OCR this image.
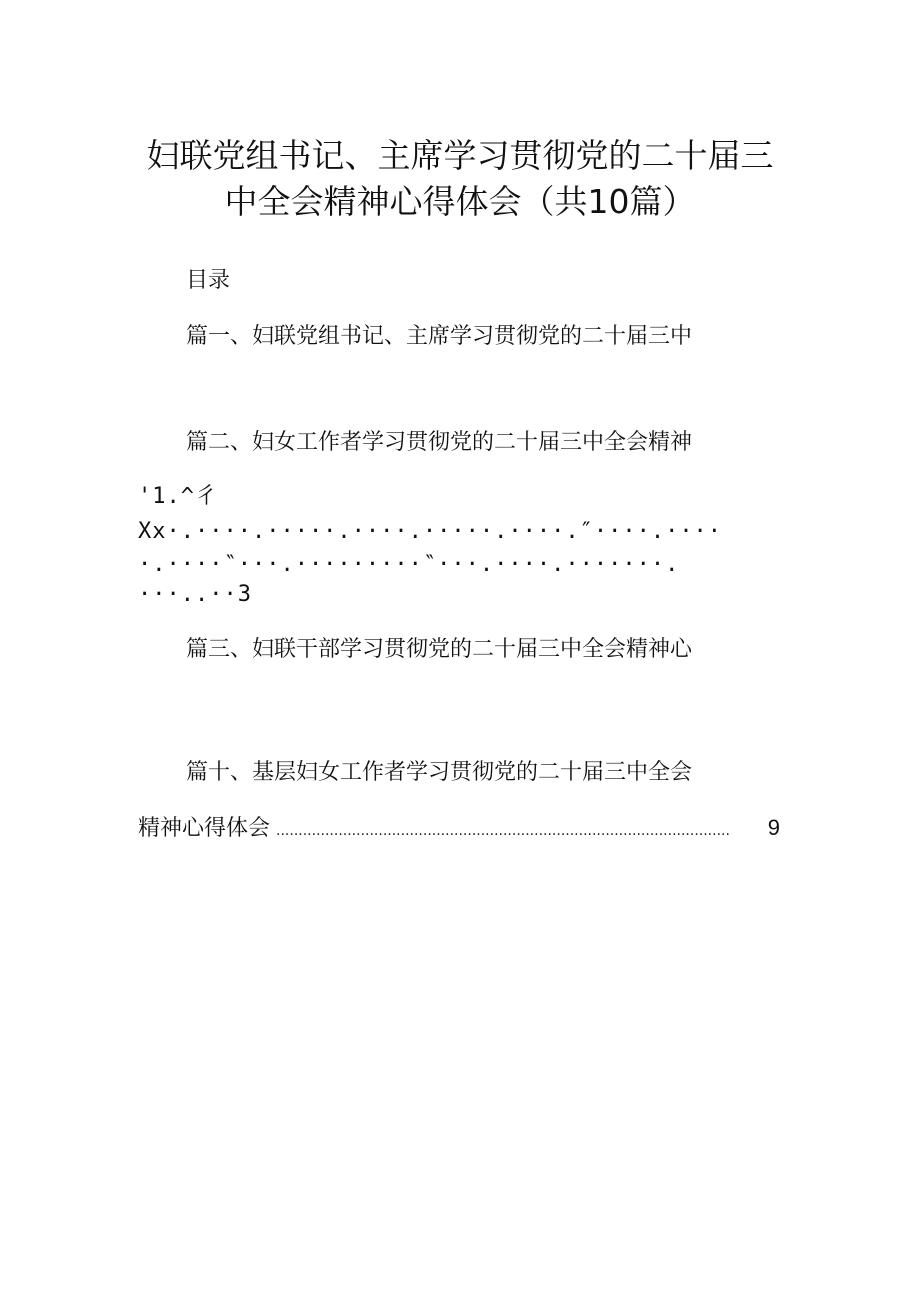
妇联党组书记、主席学习贯彻党的二十届三
中全会精神心得体会（共10篇）
目录
篇一、妇联党组书记、主席学习贯彻党的二十届三中
篇二、妇女工作者学习贯彻党的二十届三中全会精神
'1.^彳
Xx·.····.·····.····.·····.····.″····.····
·.····‶···.·········‶···.····.·······.
···..··3
篇三、妇联干部学习贯彻党的二十届三中全会精神心
篇十、基层妇女工作者学习贯彻党的二十届三中全会
精神心得体会 ......................................................................................................	9
